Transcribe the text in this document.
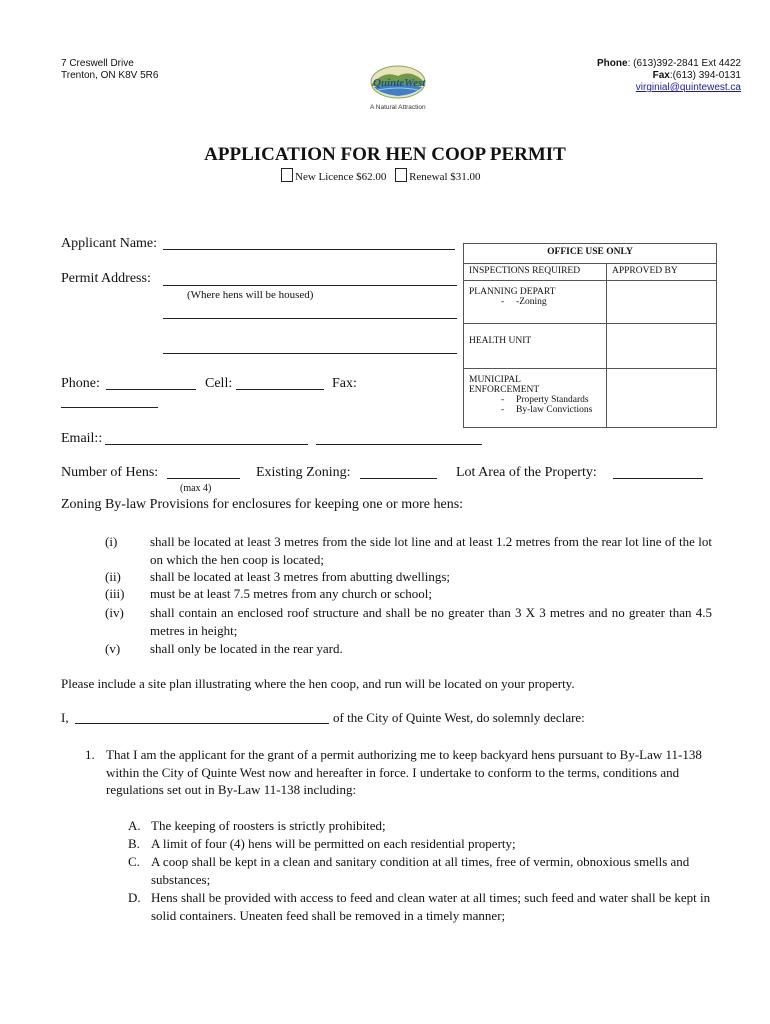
7 Creswell Drive
Trenton, ON K8V 5R6
QuinteWest
A Natural Attraction
Phone: (613)392-2841 Ext 4422
Fax:(613) 394-0131
virginial@quintewest.ca
APPLICATION FOR HEN COOP PERMIT
New Licence $62.00 Renewal $31.00
Applicant Name:
Permit Address:
(Where hens will be housed)
Phone:	Cell:	Fax:
Email::
Number of Hens:
(max 4)
Existing Zoning:	Lot Area of the Property:
OFFICE USE ONLY	
INSPECTIONS REQUIRED	APPROVED BY

PLANNING DEPART
-     -Zoning	

HEALTH UNIT	

MUNICIPAL
ENFORCEMENT
-     Property Standards
-     By-law Convictions	

Zoning By-law Provisions for enclosures for keeping one or more hens:
(i)	shall be located at least 3 metres from the side lot line and at least 1.2 metres from the rear lot line of the lot on which the hen coop is located;
(ii)	shall be located at least 3 metres from abutting dwellings;
(iii)	must be at least 7.5 metres from any church or school;
(iv)	shall contain an enclosed roof structure and shall be no greater than 3 X 3 metres and no greater than 4.5 metres in height;
(v)	shall only be located in the rear yard.
Please include a site plan illustrating where the hen coop, and run will be located on your property.
I,	of the City of Quinte West, do solemnly declare:
1. That I am the applicant for the grant of a permit authorizing me to keep backyard hens pursuant to By-Law 11-138 within the City of Quinte West now and hereafter in force. I undertake to conform to the terms, conditions and regulations set out in By-Law 11-138 including:
A. The keeping of roosters is strictly prohibited;
B. A limit of four (4) hens will be permitted on each residential property;
C. A coop shall be kept in a clean and sanitary condition at all times, free of vermin, obnoxious smells and substances;
D. Hens shall be provided with access to feed and clean water at all times; such feed and water shall be kept in solid containers. Uneaten feed shall be removed in a timely manner;
